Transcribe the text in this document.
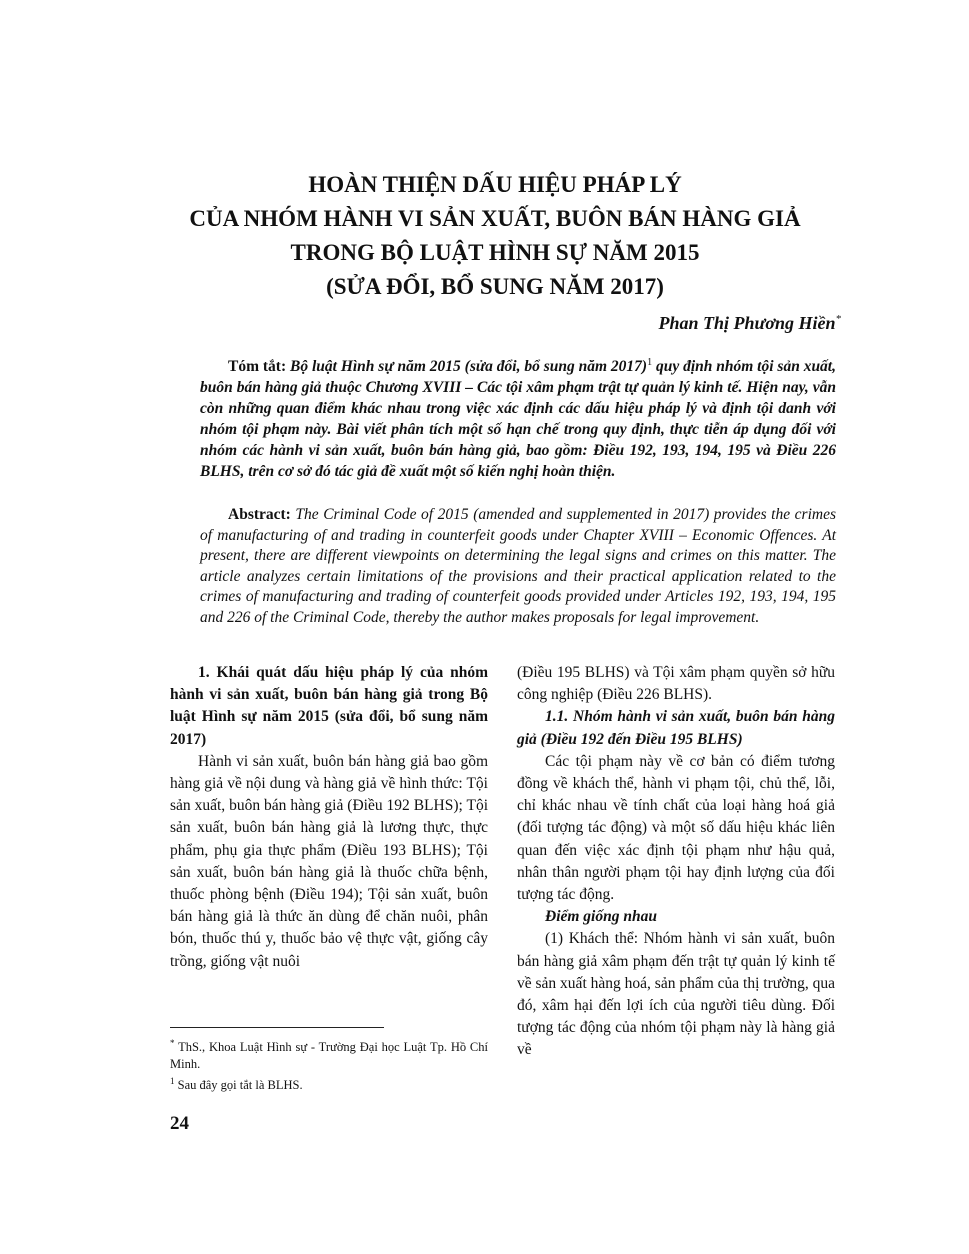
HOÀN THIỆN DẤU HIỆU PHÁP LÝ
CỦA NHÓM HÀNH VI SẢN XUẤT, BUÔN BÁN HÀNG GIẢ
TRONG BỘ LUẬT HÌNH SỰ NĂM 2015
(SỬA ĐỔI, BỔ SUNG NĂM 2017)
Phan Thị Phương Hiền*

Tóm tắt: Bộ luật Hình sự năm 2015 (sửa đổi, bổ sung năm 2017)$^1$ quy định nhóm tội sản xuất, buôn bán hàng giả thuộc Chương XVIII – Các tội xâm phạm trật tự quản lý kinh tế. Hiện nay, vẫn còn những quan điểm khác nhau trong việc xác định các dấu hiệu pháp lý và định tội danh với nhóm tội phạm này. Bài viết phân tích một số hạn chế trong quy định, thực tiễn áp dụng đối với nhóm các hành vi sản xuất, buôn bán hàng giả, bao gồm: Điều 192, 193, 194, 195 và Điều 226 BLHS, trên cơ sở đó tác giả đề xuất một số kiến nghị hoàn thiện.

Abstract: The Criminal Code of 2015 (amended and supplemented in 2017) provides the crimes of manufacturing of and trading in counterfeit goods under Chapter XVIII – Economic Offences. At present, there are different viewpoints on determining the legal signs and crimes on this matter. The article analyzes certain limitations of the provisions and their practical application related to the crimes of manufacturing and trading of counterfeit goods provided under Articles 192, 193, 194, 195 and 226 of the Criminal Code, thereby the author makes proposals for legal improvement.

1. Khái quát dấu hiệu pháp lý của nhóm hành vi sản xuất, buôn bán hàng giả trong Bộ luật Hình sự năm 2015 (sửa đổi, bổ sung năm 2017)

Hành vi sản xuất, buôn bán hàng giả bao gồm hàng giả về nội dung và hàng giả về hình thức: Tội sản xuất, buôn bán hàng giả (Điều 192 BLHS); Tội sản xuất, buôn bán hàng giả là lương thực, thực phẩm, phụ gia thực phẩm (Điều 193 BLHS); Tội sản xuất, buôn bán hàng giả là thuốc chữa bệnh, thuốc phòng bệnh (Điều 194); Tội sản xuất, buôn bán hàng giả là thức ăn dùng để chăn nuôi, phân bón, thuốc thú y, thuốc bảo vệ thực vật, giống cây trồng, giống vật nuôi

(Điều 195 BLHS) và Tội xâm phạm quyền sở hữu công nghiệp (Điều 226 BLHS).

1.1. Nhóm hành vi sản xuất, buôn bán hàng giả (Điều 192 đến Điều 195 BLHS)

Các tội phạm này về cơ bản có điểm tương đồng về khách thể, hành vi phạm tội, chủ thể, lỗi, chỉ khác nhau về tính chất của loại hàng hoá giả (đối tượng tác động) và một số dấu hiệu khác liên quan đến việc xác định tội phạm như hậu quả, nhân thân người phạm tội hay định lượng của đối tượng tác động.

Điểm giống nhau

(1) Khách thể: Nhóm hành vi sản xuất, buôn bán hàng giả xâm phạm đến trật tự quản lý kinh tế về sản xuất hàng hoá, sản phẩm của thị trường, qua đó, xâm hại đến lợi ích của người tiêu dùng. Đối tượng tác động của nhóm tội phạm này là hàng giả về

* ThS., Khoa Luật Hình sự - Trường Đại học Luật Tp. Hồ Chí Minh.

$^1$ Sau đây gọi tắt là BLHS.

24
